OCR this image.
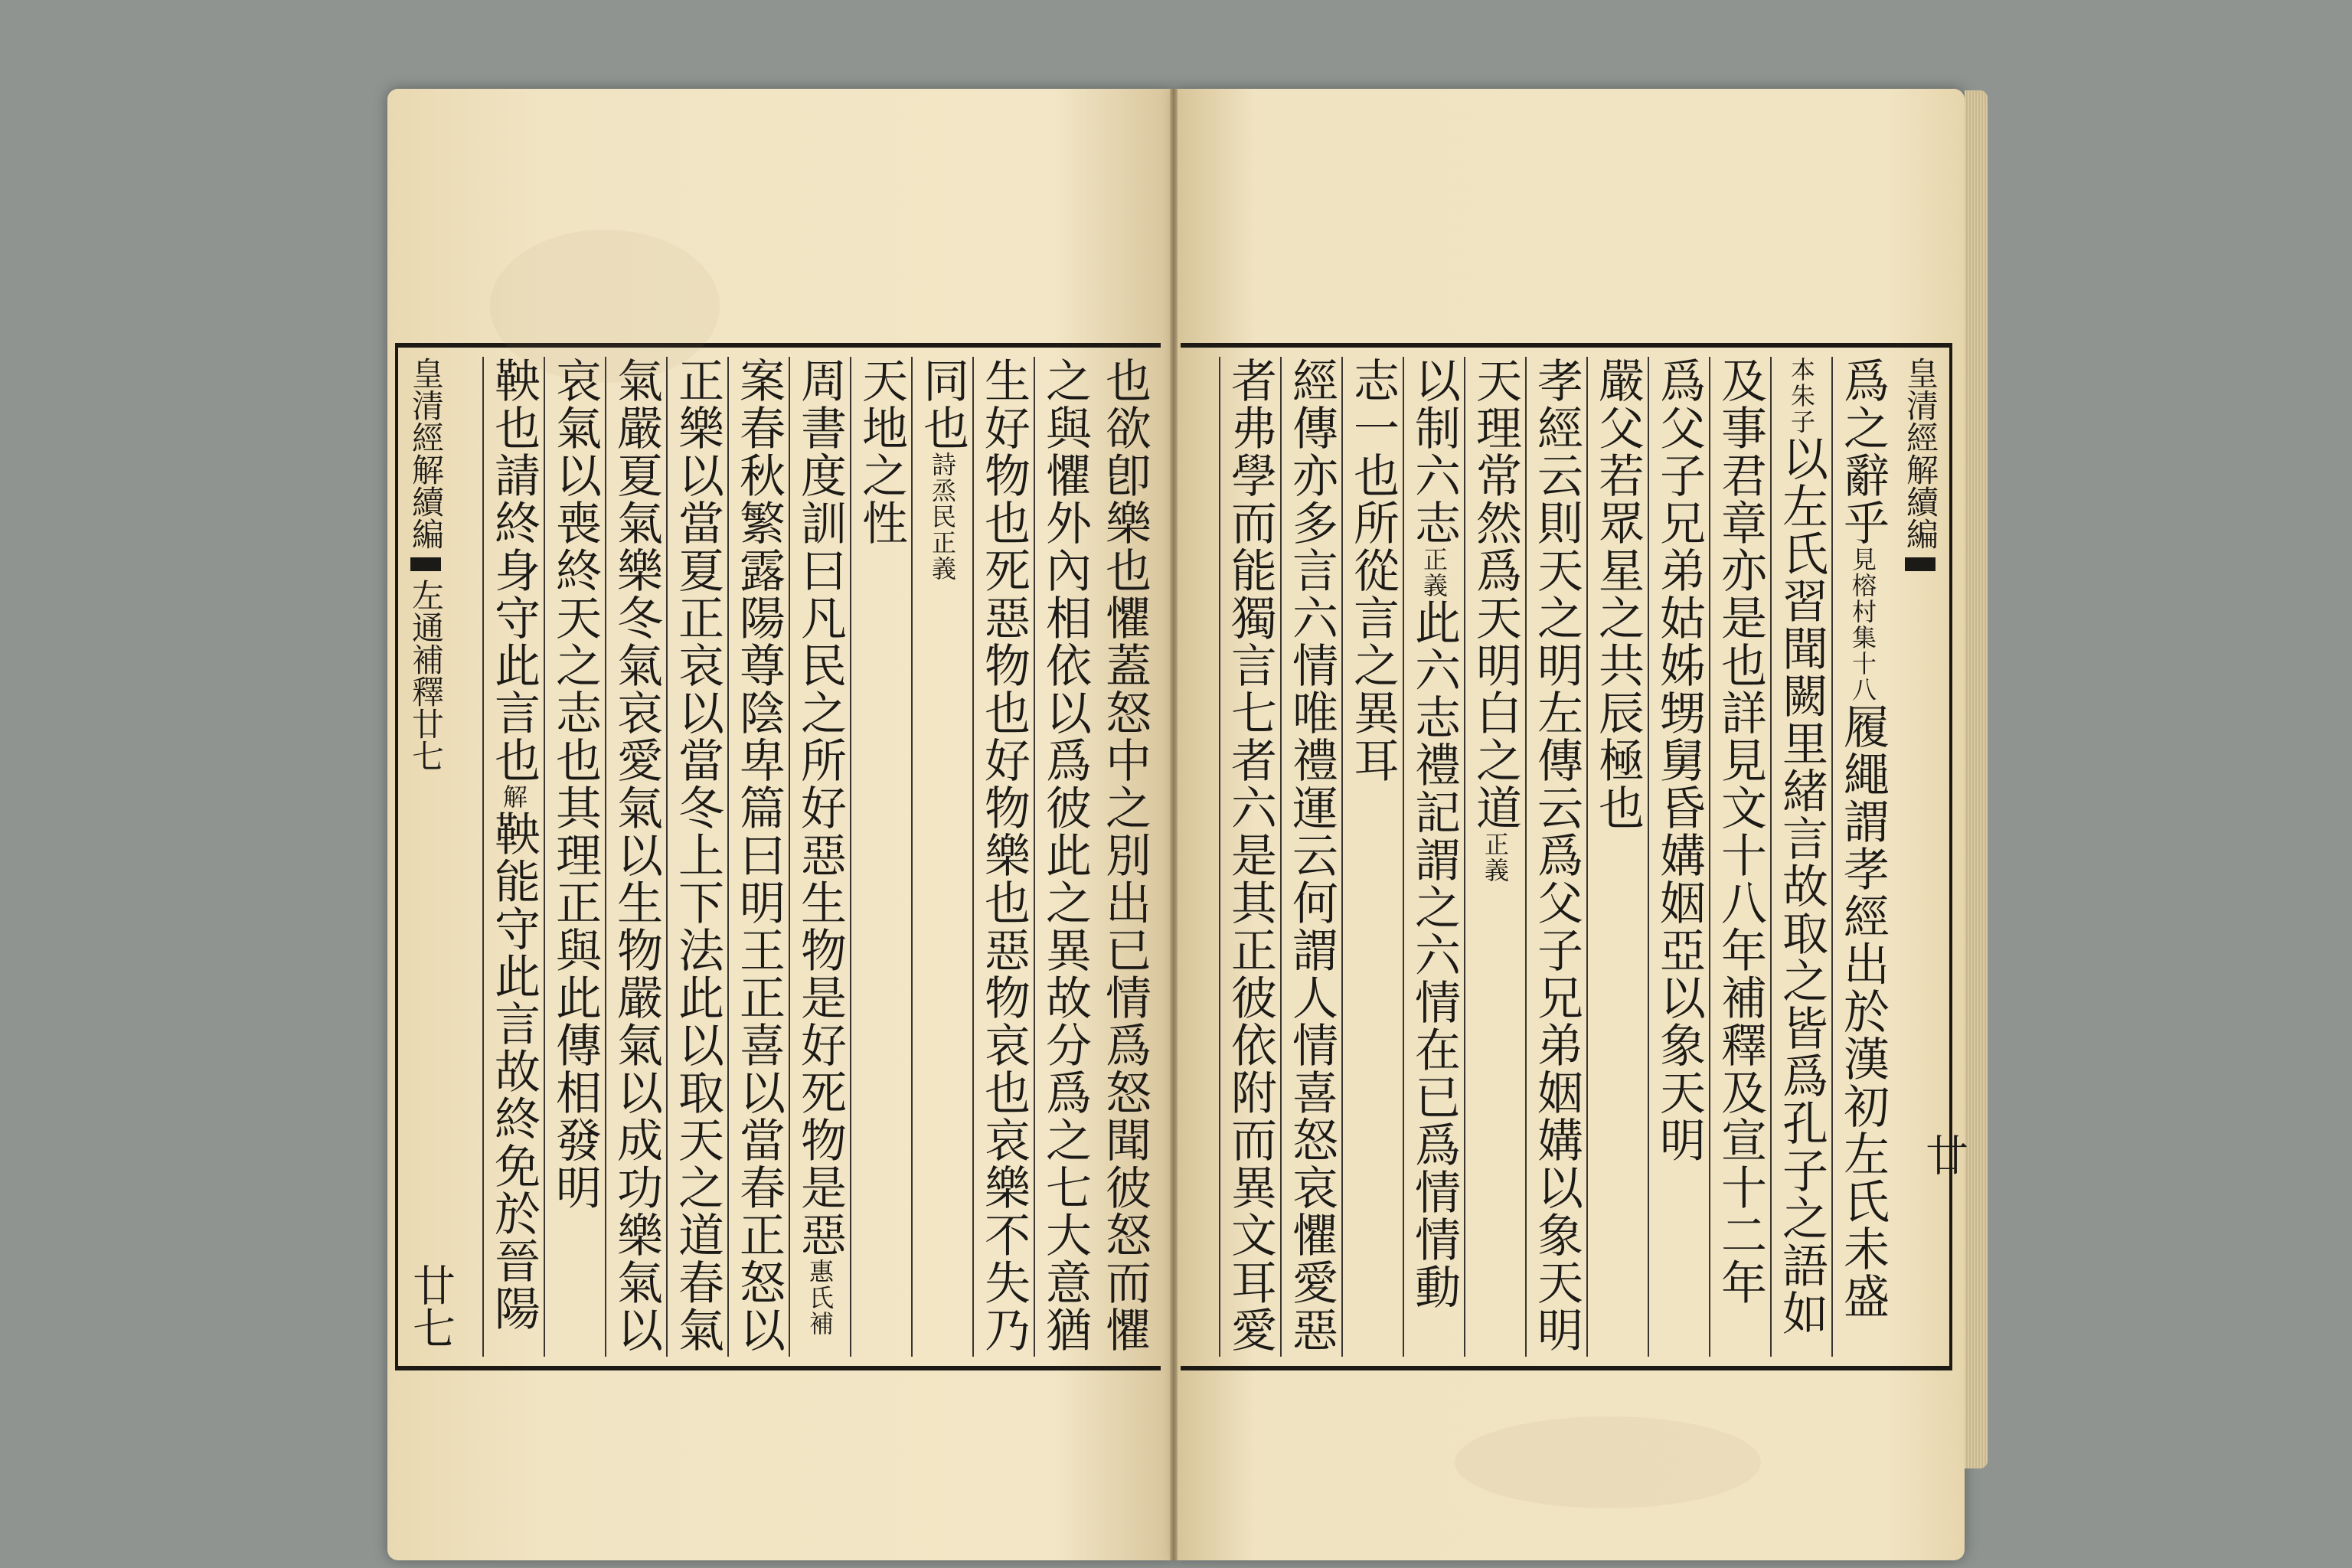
也欲卽樂也懼蓋怒中之別出已情爲怒聞彼怒而懼
之與懼外內相依以爲彼此之異故分爲之七大意猶
生好物也死惡物也好物樂也惡物哀也哀樂不失乃
同也詩烝民正義
天地之性
周書度訓曰凡民之所好惡生物是好死物是惡惠氏補
案春秋繁露陽尊陰卑篇曰明王正喜以當春正怒以
正樂以當夏正哀以當冬上下法此以取天之道春氣
氣嚴夏氣樂冬氣哀愛氣以生物嚴氣以成功樂氣以
哀氣以喪終天之志也其理正與此傳相發明
鞅也請終身守此言也解鞅能守此言故終免於晉陽
皇清經解續編左通補釋廿七
廿七
皇清經解續編
爲之辭乎見榕村集十八履繩謂孝經出於漢初左氏未盛
本朱子以左氏習聞闕里緒言故取之皆爲孔子之語如
及事君章亦是也詳見文十八年補釋及宣十二年
爲父子兄弟姑姊甥舅昏媾姻亞以象天明
嚴父若眾星之共辰極也
孝經云則天之明左傳云爲父子兄弟姻媾以象天明
天理常然爲天明白之道正義
以制六志正義此六志禮記謂之六情在已爲情情動
志一也所從言之異耳
經傳亦多言六情唯禮運云何謂人情喜怒哀懼愛惡
者弗學而能獨言七者六是其正彼依附而異文耳愛
廿
